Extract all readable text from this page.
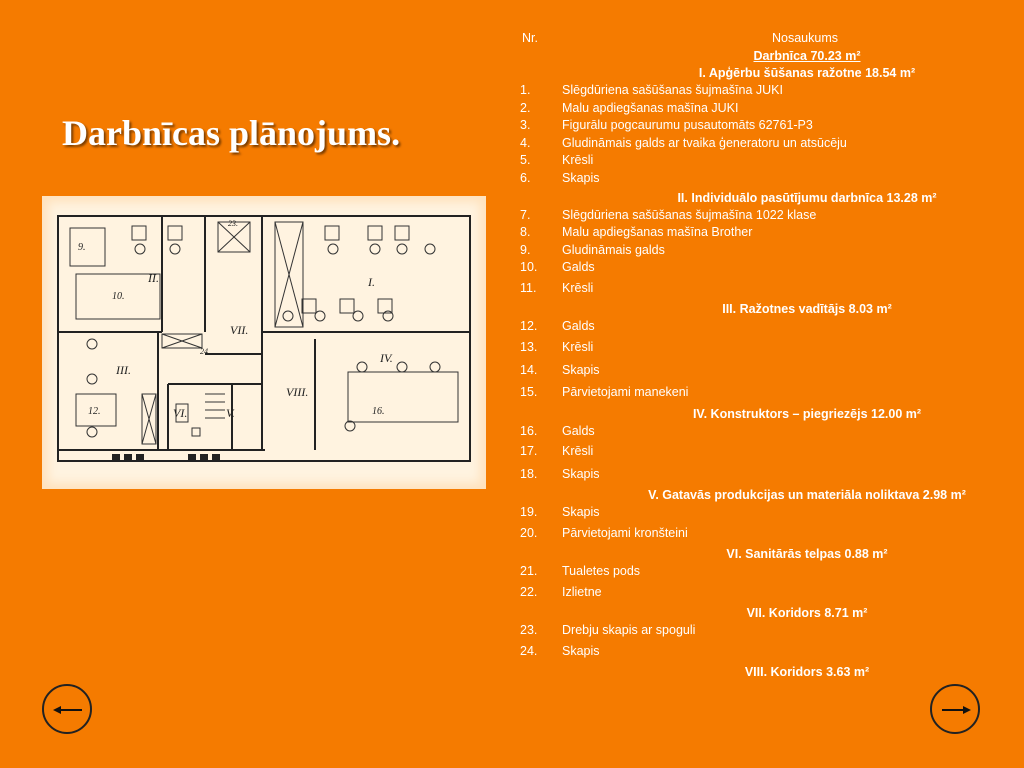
Darbnīcas plānojums.
II.	I.
III.
IV.
V.
VI.
VII.
VIII.
9.
10.
12.	16.
23.
24.
Nr.	Nosaukums
Darbnīca 70.23 m²
I. Apģērbu šūšanas ražotne 18.54 m²
1.	Slēgdūriena sašūšanas šujmašīna JUKI
2.	Malu apdiegšanas mašīna JUKI
3.	Figurālu pogcaurumu pusautomāts 62761-P3
4.	Gludināmais galds ar tvaika ģeneratoru un atsūcēju
5.	Krēsli
6.	Skapis
II. Individuālo pasūtījumu darbnīca 13.28 m²
7.	Slēgdūriena sašūšanas šujmašīna 1022 klase
8.	Malu apdiegšanas mašīna Brother
9.	Gludināmais galds
10. Galds
11. Krēsli
III. Ražotnes vadītājs 8.03 m²
12. Galds
13. Krēsli
14. Skapis
15. Pārvietojami manekeni
IV. Konstruktors – piegriezējs 12.00 m²
16. Galds
17. Krēsli
18. Skapis
V. Gatavās produkcijas un materiāla noliktava 2.98 m²
19. Skapis
20. Pārvietojami kronšteini
VI. Sanitārās telpas 0.88 m²
21. Tualetes pods
22. Izlietne
VII. Koridors 8.71 m²
23. Drebju skapis ar spoguli
24. Skapis
VIII. Koridors 3.63 m²
